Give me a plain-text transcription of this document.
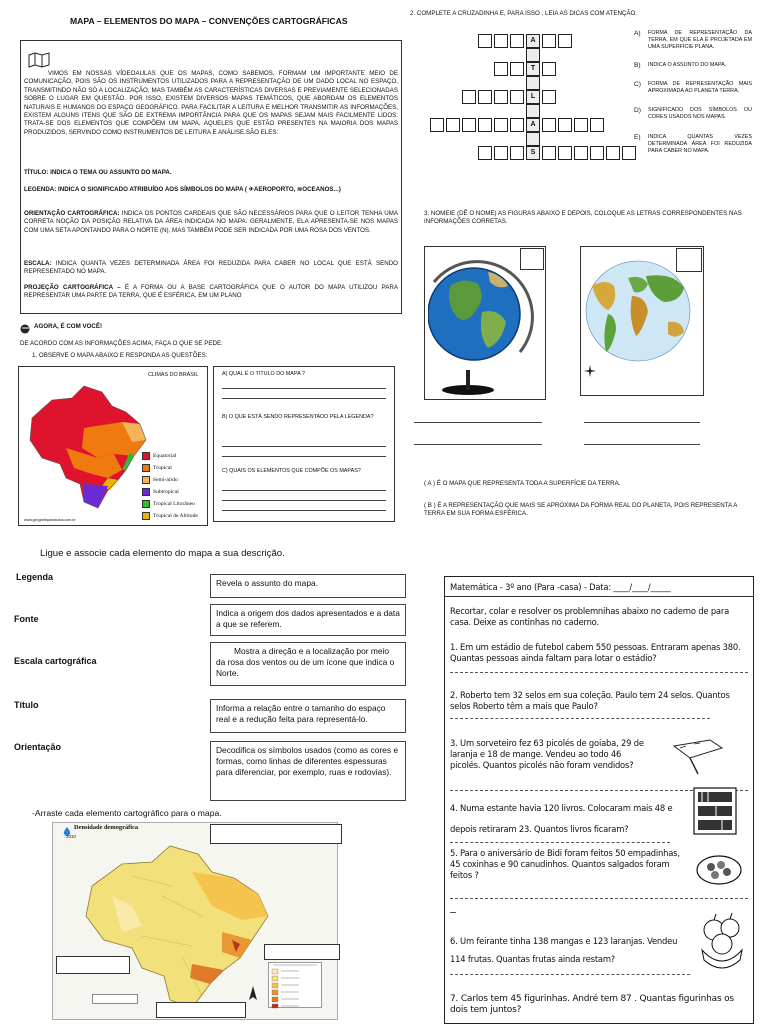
MAPA – ELEMENTOS DO MAPA – CONVENÇÕES CARTOGRÁFICAS
VIMOS EM NOSSAS VÍDEOAULAS QUE OS MAPAS, COMO SABEMOS, FORMAM UM IMPORTANTE MEIO DE COMUNICAÇÃO, POIS SÃO OS INSTRUMENTOS UTILIZADOS PARA A REPRESENTAÇÃO DE UM DADO LOCAL NO ESPAÇO, TRANSMITINDO NÃO SÓ A LOCALIZAÇÃO, MAS TAMBÉM AS CARACTERÍSTICAS DIVERSAS E PREVIAMENTE SELECIONADAS SOBRE O LUGAR EM QUESTÃO. POR ISSO, EXISTEM DIVERSOS MAPAS TEMÁTICOS, QUE ABORDAM OS ELEMENTOS NATURAIS E HUMANOS DO ESPAÇO GEOGRÁFICO. PARA FACILITAR A LEITURA E MELHOR TRANSMITIR AS INFORMAÇÕES, EXISTEM ALGUNS ITENS QUE SÃO DE EXTREMA IMPORTÂNCIA PARA QUE OS MAPAS SEJAM MAIS FACILMENTE LIDOS: TRATA-SE DOS ELEMENTOS QUE COMPÕEM UM MAPA, AQUELES QUE ESTÃO PRESENTES NA MAIORIA DOS MAPAS PRODUZIDOS, SERVINDO COMO INSTRUMENTOS DE LEITURA E ANÁLISE.SÃO ELES:
TÍTULO: INDICA O TEMA OU ASSUNTO DO MAPA.
LEGENDA: INDICA O SIGNIFICADO ATRIBUÍDO AOS SÍMBOLOS DO MAPA ( ✈AEROPORTO, ≋OCEANOS...)
ORIENTAÇÃO CARTOGRÁFICA: INDICA OS PONTOS CARDEAIS QUE SÃO NECESSÁRIOS PARA QUE O LEITOR TENHA UMA CORRETA NOÇÃO DA POSIÇÃO RELATIVA DA ÁREA INDICADA NO MAPA. GERALMENTE, ELA APRESENTA-SE NOS MAPAS COM UMA SETA APONTANDO PARA O NORTE (N), MAS TAMBÉM PODE SER INDICADA POR UMA ROSA DOS VENTOS.
ESCALA: INDICA QUANTA VEZES DETERMINADA ÁREA FOI REDUZIDA PARA CABER NO LOCAL QUE ESTÁ SENDO REPRESENTADO NO MAPA.
PROJEÇÃO CARTOGRÁFICA – É A FORMA OU A BASE CARTOGRÁFICA QUE O AUTOR DO MAPA UTILIZOU PARA REPRESENTAR UMA PARTE DA TERRA, QUE É ESFÉRICA, EM UM PLANO
AGORA, É COM VOCÊ!
DE ACORDO COM AS INFORMAÇÕES ACIMA, FAÇA O QUE SE PEDE:
1. OBSERVE O MAPA ABAIXO E RESPONDA AS QUESTÕES:
CLIMAS DO BRASIL
Equatorial
Tropical
Semi-árido
Subtropical
Tropical Litorâneo
Tropical de Altitude
www.geografiaparatodos.com.br
A) QUAL É O TÍTULO DO MAPA ?
B) O QUE ESTÁ SENDO REPRESENTADO PELA LEGENDA?
C) QUAIS OS ELEMENTOS QUE COMPÕE OS MAPAS?
2. COMPLETE A CRUZADINHA E, PARA ISSO , LEIA AS DICAS COM ATENÇÃO.
A
T
L
A
S
A)	FORMA DE REPRESENTAÇÃO DA TERRA, EM QUE ELA É PROJETADA EM UMA SUPERFÍCIE PLANA.
B)	INDICA O ASSUNTO DO MAPA.
C)	FORMA DE REPRESENTAÇÃO MAIS APROXIMADA AO PLANETA TERRA.
D)	SIGNIFICADO DOS SÍMBOLOS OU CORES USADOS NOS MAPAS.
E)	INDICA QUANTAS VEZES DETERMINADA ÁREA FOI REDUZIDA PARA CABER NO MAPA.
3. NOMEIE (DÊ O NOME) AS FIGURAS ABAIXO E DEPOIS, COLOQUE AS LETRAS CORRESPONDENTES NAS INFORMAÇÕES CORRETAS.
( A ) É O MAPA QUE REPRESENTA TODA A SUPERFÍCIE DA TERRA.
( B ) É A REPRESENTAÇÃO QUE MAIS SE APROXIMA DA FORMA REAL DO PLANETA, POIS REPRESENTA A TERRA EM SUA FORMA ESFÉRICA.
Ligue e associe cada elemento do mapa a sua descrição.
Legenda
Fonte
Escala cartográfica
Título
Orientação
Revela o assunto do mapa.
Indica a origem dos dados apresentados e a data a que se referem.
Mostra a direção e a localização por meio da rosa dos ventos ou de um ícone que indica o Norte.
Informa a relação entre o tamanho do espaço real e a redução feita para representá-lo.
Decodifica os símbolos usados (como as cores e formas, como linhas de diferentes espessuras para diferenciar, por exemplo, ruas e rodovias).
-Arraste cada elemento cartográfico para o mapa.
Densidade demográfica
2010
Matemática - 3º ano (Para -casa) - Data: ____/____/_____
Recortar, colar e resolver os problemnihas abaixo no caderno de para casa. Deixe as continhas no caderno.
1. Em um estádio de futebol cabem 550 pessoas. Entraram apenas 380. Quantas pessoas ainda faltam para lotar o estádio?
2. Roberto tem 32 selos em sua coleção. Paulo tem 24 selos. Quantos selos Roberto têm a mais que Paulo?
3. Um sorveteiro fez 63 picolés de goiaba, 29 de laranja e 18 de mange. Vendeu ao todo 46 picolés. Quantos picolés não foram vendidos?
4. Numa estante havia 120 livros. Colocaram mais 48 e depois retiraram 23. Quantos livros ficaram?
5. Para o aniversário de Bidi foram feitos 50 empadinhas, 45 coxinhas e 90 canudinhos. Quantos salgados foram feitos ?
6. Um feirante tinha 138 mangas e 123 laranjas. Vendeu 114 frutas. Quantas frutas ainda restam?
7. Carlos tem 45 figurinhas. André tem 87 . Quantas figurinhas os dois tem juntos?
